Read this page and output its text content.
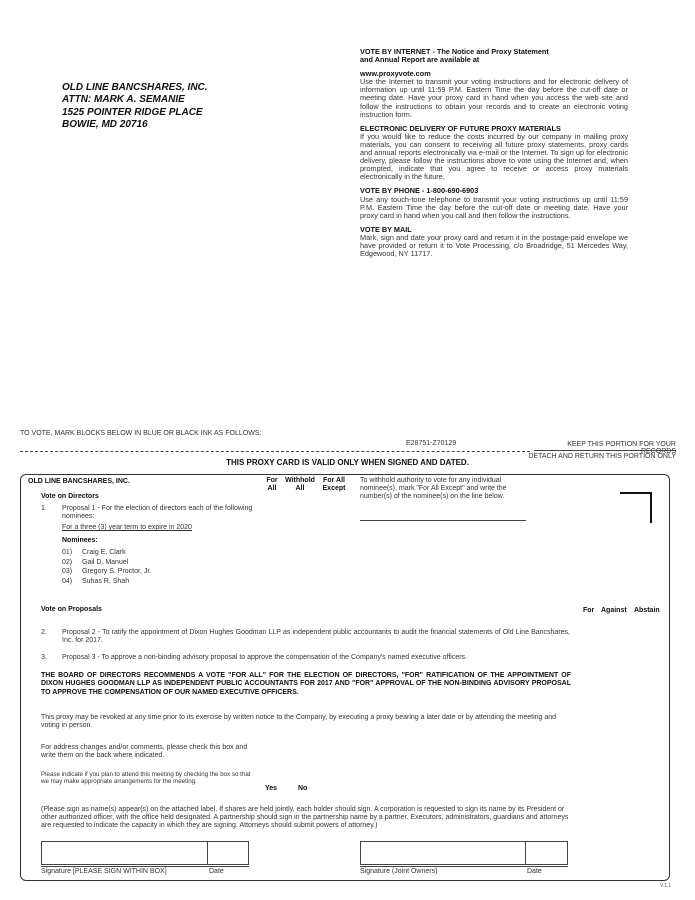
OLD LINE BANCSHARES, INC.
ATTN: MARK A. SEMANIE
1525 POINTER RIDGE PLACE
BOWIE, MD 20716
VOTE BY INTERNET - The Notice and Proxy Statement
and Annual Report are available at
www.proxyvote.com

Use the Internet to transmit your voting instructions and for electronic delivery of information up until 11:59 P.M. Eastern Time the day before the cut-off date or meeting date. Have your proxy card in hand when you access the web site and follow the instructions to obtain your records and to create an electronic voting instruction form.

ELECTRONIC DELIVERY OF FUTURE PROXY MATERIALS

If you would like to reduce the costs incurred by our company in mailing proxy materials, you can consent to receiving all future proxy statements, proxy cards and annual reports electronically via e-mail or the Internet. To sign up for electronic delivery, please follow the instructions above to vote using the Internet and, when prompted, indicate that you agree to receive or access proxy materials electronically in the future.

VOTE BY PHONE - 1-800-690-6903

Use any touch-tone telephone to transmit your voting instructions up until 11:59 P.M. Eastern Time the day before the cut-off date or meeting date. Have your proxy card in hand when you call and then follow the instructions.

VOTE BY MAIL

Mark, sign and date your proxy card and return it in the postage-paid envelope we have provided or return it to Vote Processing, c/o Broadridge, 51 Mercedes Way, Edgewood, NY 11717.

TO VOTE, MARK BLOCKS BELOW IN BLUE OR BLACK INK AS FOLLOWS:
E28751-Z70129	KEEP THIS PORTION FOR YOUR RECORDS
DETACH AND RETURN THIS PORTION ONLY
THIS PROXY CARD IS VALID ONLY WHEN SIGNED AND DATED.
OLD LINE BANCSHARES, INC.	For
All
Withhold
All
For All
Except
To withhold authority to vote for any individual nominee(s), mark "For All Except" and write the number(s) of the nominee(s) on the line below.
Vote on Directors
1. Proposal 1 - For the election of directors each of the following nominees:
For a three (3) year term to expire in 2020
Nominees:
01) Craig E. Clark
02) Gail D. Manuel
03) Gregory S. Proctor, Jr.
04) Suhas R. Shah
Vote on Proposals	For Against Abstain
2. Proposal 2 - To ratify the appointment of Dixon Hughes Goodman LLP as independent public accountants to audit the financial statements of Old Line Bancshares, Inc. for 2017.
3. Proposal 3 - To approve a non-binding advisory proposal to approve the compensation of the Company's named executive officers.
THE BOARD OF DIRECTORS RECOMMENDS A VOTE "FOR ALL" FOR THE ELECTION OF DIRECTORS, "FOR" RATIFICATION OF THE APPOINTMENT OF DIXON HUGHES GOODMAN LLP AS INDEPENDENT PUBLIC ACCOUNTANTS FOR 2017 AND "FOR" APPROVAL OF THE NON-BINDING ADVISORY PROPOSAL TO APPROVE THE COMPENSATION OF OUR NAMED EXECUTIVE OFFICERS.
This proxy may be revoked at any time prior to its exercise by written notice to the Company, by executing a proxy bearing a later date or by attending the meeting and voting in person.
For address changes and/or comments, please check this box and write them on the back where indicated.
Please indicate if you plan to attend this meeting by checking the box so that we may make appropriate arrangements for the meeting.
Yes	No
(Please sign as name(s) appear(s) on the attached label. If shares are held jointly, each holder should sign. A corporation is requested to sign its name by its President or other authorized officer, with the office held designated. A partnership should sign in the partnership name by a partner. Executors, administrators, guardians and attorneys are requested to indicate the capacity in which they are signing. Attorneys should submit powers of attorney.)
Signature [PLEASE SIGN WITHIN BOX]	Date	Signature (Joint Owners)	Date
V.1.1
